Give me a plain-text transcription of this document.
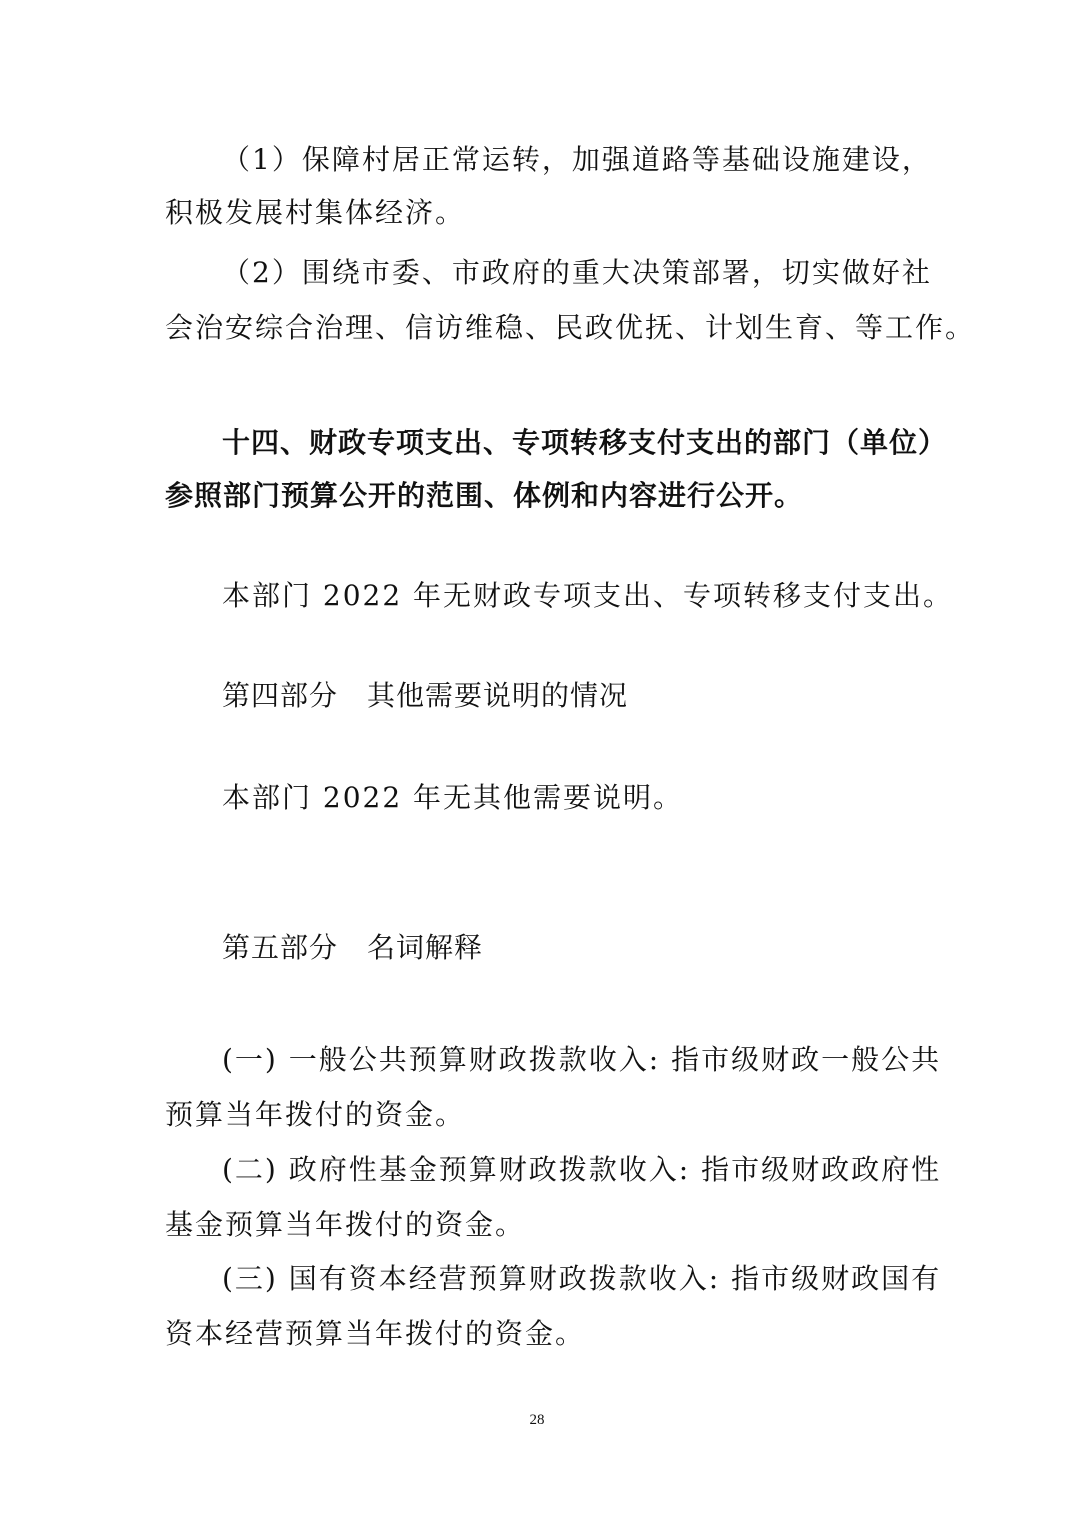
（1）保障村居正常运转，加强道路等基础设施建设，
积极发展村集体经济。
（2）围绕市委、市政府的重大决策部署，切实做好社
会治安综合治理、信访维稳、民政优抚、计划生育、等工作。
十四、财政专项支出、专项转移支付支出的部门（单位）
参照部门预算公开的范围、体例和内容进行公开。
本部门 2022 年无财政专项支出、专项转移支付支出。
第四部分　其他需要说明的情况
本部门 2022 年无其他需要说明。
第五部分　名词解释
(一) 一般公共预算财政拨款收入: 指市级财政一般公共
预算当年拨付的资金。
(二) 政府性基金预算财政拨款收入: 指市级财政政府性
基金预算当年拨付的资金。
(三) 国有资本经营预算财政拨款收入: 指市级财政国有
资本经营预算当年拨付的资金。
28
